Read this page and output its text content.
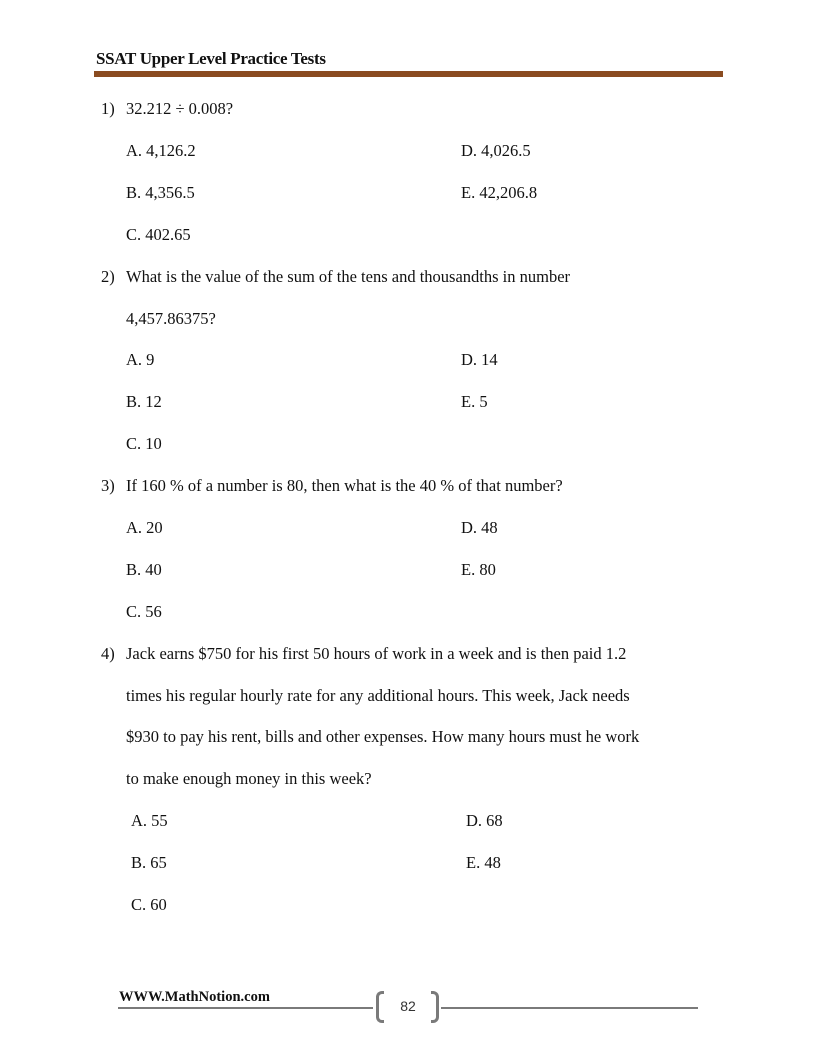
SSAT Upper Level Practice Tests
1) 32.212 ÷ 0.008?
A. 4,126.2	D. 4,026.5
B. 4,356.5	E. 42,206.8
C. 402.65
2) What is the value of the sum of the tens and thousandths in number
4,457.86375?
A. 9	D. 14
B. 12	E. 5
C. 10
3) If 160 % of a number is 80, then what is the 40 % of that number?
A. 20	D. 48
B. 40	E. 80
C. 56
4) Jack earns $750 for his first 50 hours of work in a week and is then paid 1.2
times his regular hourly rate for any additional hours. This week, Jack needs
$930 to pay his rent, bills and other expenses. How many hours must he work
to make enough money in this week?
A. 55	D. 68
B. 65	E. 48
C. 60
WWW.MathNotion.com
82
